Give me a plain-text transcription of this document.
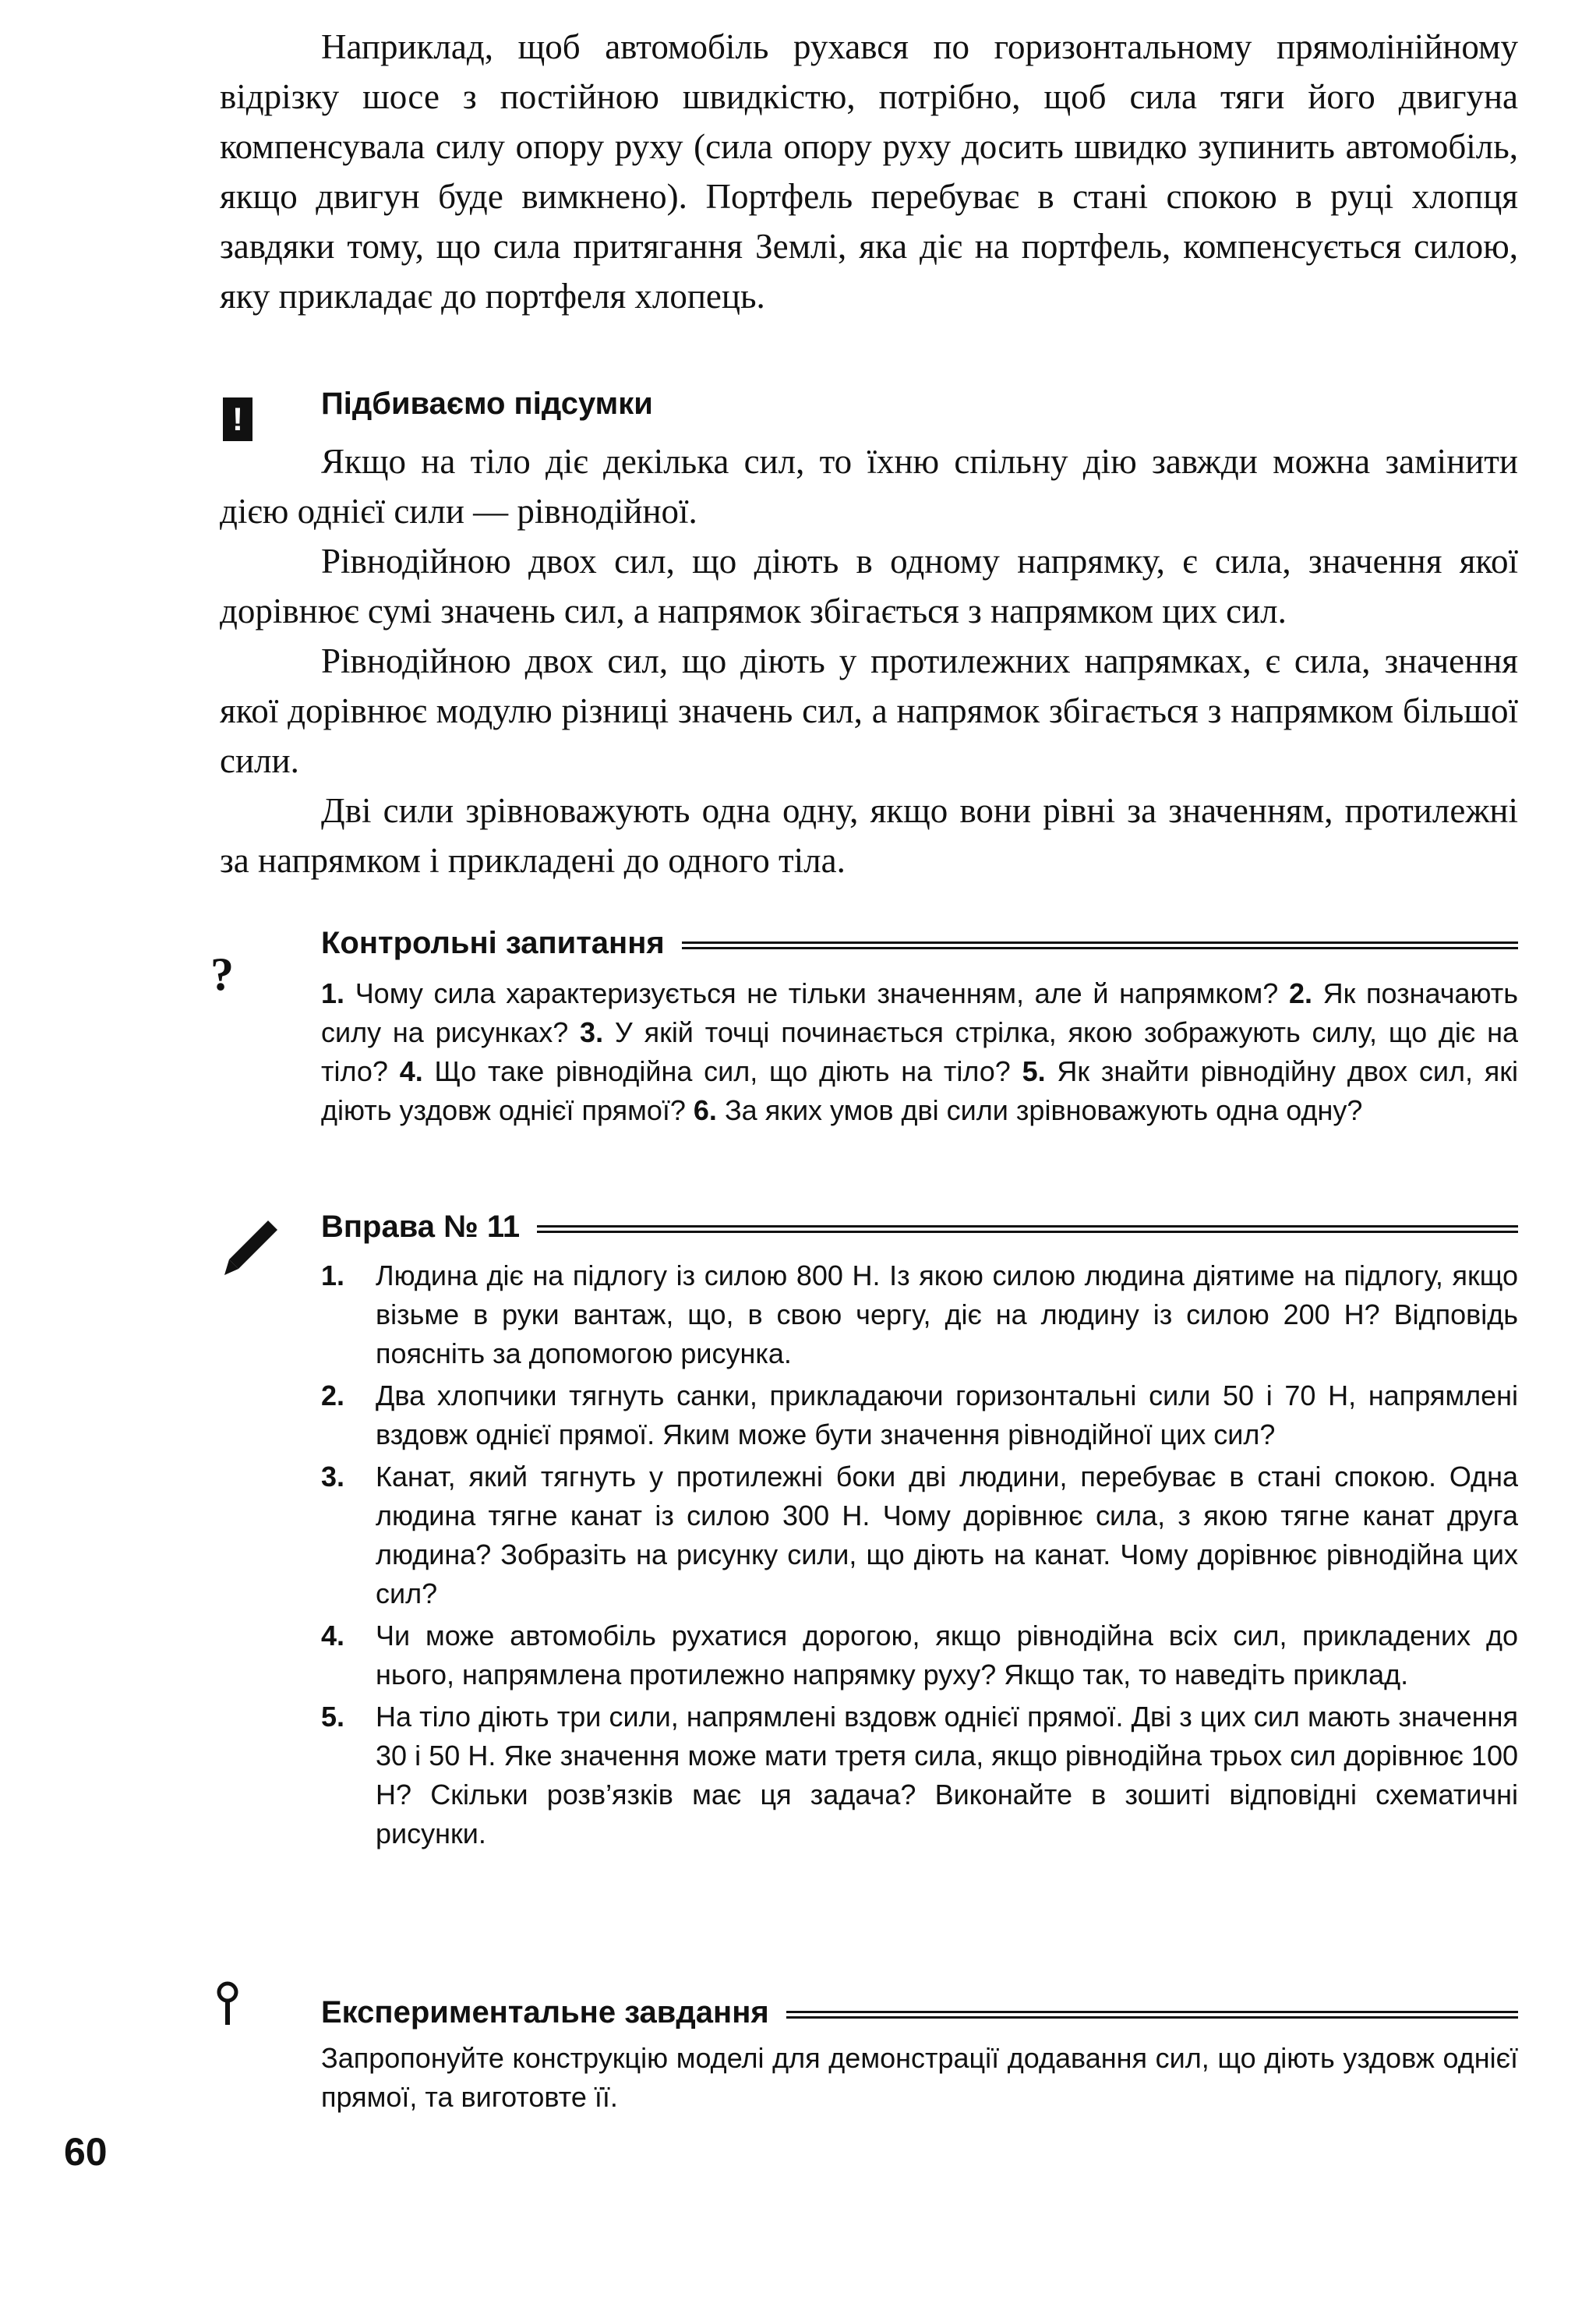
Наприклад, щоб автомобіль рухався по горизонтальному прямолінійному відрізку шосе з постійною швидкістю, потрібно, щоб сила тяги його двигуна компенсувала силу опору руху (сила опору руху досить швидко зупинить автомобіль, якщо двигун буде вимкнено). Портфель перебуває в стані спокою в руці хлопця завдяки тому, що сила притягання Землі, яка діє на портфель, компенсується силою, яку прикладає до портфеля хлопець.
!	Підбиваємо підсумки

Якщо на тіло діє декілька сил, то їхню спільну дію завжди можна замінити дією однієї сили — рівнодійної.

Рівнодійною двох сил, що діють в одному напрямку, є сила, значення якої дорівнює сумі значень сил, а напрямок збігається з напрямком цих сил.

Рівнодійною двох сил, що діють у протилежних напрямках, є сила, значення якої дорівнює модулю різниці значень сил, а напрямок збігається з напрямком більшої сили.

Дві сили зрівноважують одна одну, якщо вони рівні за значенням, протилежні за напрямком і прикладені до одного тіла.

?
Контрольні запитання
1. Чому сила характеризується не тільки значенням, але й напрямком? 2. Як позначають силу на рисунках? 3. У якій точці починається стрілка, якою зображують силу, що діє на тіло? 4. Що таке рівнодійна сил, що діють на тіло? 5. Як знайти рівнодійну двох сил, які діють уздовж однієї прямої? 6. За яких умов дві сили зрівноважують одна одну?
Вправа № 11
1.	Людина діє на підлогу із силою 800 Н. Із якою силою людина діятиме на підлогу, якщо візьме в руки вантаж, що, в свою чергу, діє на людину із силою 200 Н? Відповідь поясніть за допомогою рисунка.
2.	Два хлопчики тягнуть санки, прикладаючи горизонтальні сили 50 і 70 Н, напрямлені вздовж однієї прямої. Яким може бути значення рівнодійної цих сил?
3.	Канат, який тягнуть у протилежні боки дві людини, перебуває в стані спокою. Одна людина тягне канат із силою 300 Н. Чому дорівнює сила, з якою тягне канат друга людина? Зобразіть на рисунку сили, що діють на канат. Чому дорівнює рівнодійна цих сил?
4.	Чи може автомобіль рухатися дорогою, якщо рівнодійна всіх сил, прикладених до нього, напрямлена протилежно напрямку руху? Якщо так, то наведіть приклад.
5.	На тіло діють три сили, напрямлені вздовж однієї прямої. Дві з цих сил мають значення 30 і 50 Н. Яке значення може мати третя сила, якщо рівнодійна трьох сил дорівнює 100 Н? Скільки розв’язків має ця задача? Виконайте в зошиті відповідні схематичні рисунки.
Експериментальне завдання
Запропонуйте конструкцію моделі для демонстрації додавання сил, що діють уздовж однієї прямої, та виготовте її.
60
